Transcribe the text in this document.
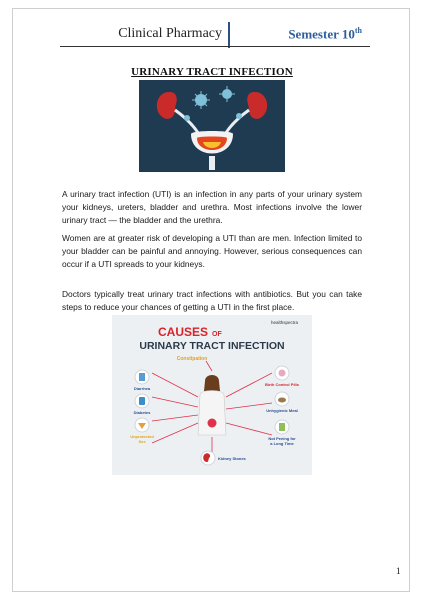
Clinical Pharmacy	Semester 10th
URINARY TRACT INFECTION

A urinary tract infection (UTI) is an infection in any parts of your urinary system your kidneys, ureters, bladder and urethra. Most infections involve the lower urinary tract — the bladder and the urethra.

Women are at greater risk of developing a UTI than are men. Infection limited to your bladder can be painful and annoying. However, serious consequences can occur if a UTI spreads to your kidneys.

Doctors typically treat urinary tract infections with antibiotics. But you can take steps to reduce your chances of getting a UTI in the first place.

healthspectra
CAUSES OF
URINARY TRACT INFECTION
Constipation
Diarrhea
Diabetes
Unprotected
Sex
Birth Control Pills
Unhygienic Meal
Not Peeing for
a Long Time
Kidney Stones
1
